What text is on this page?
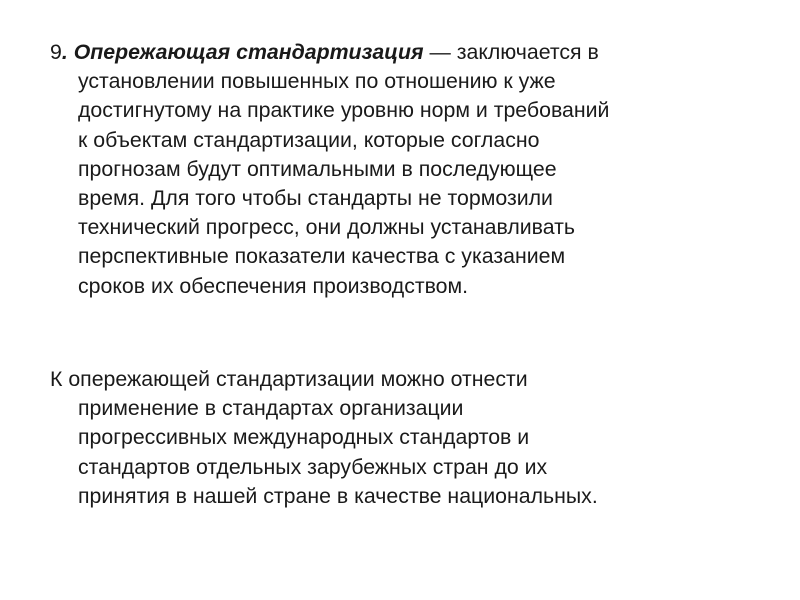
9. Опережающая стандартизация — заключается в
установлении повышенных по отношению к уже
достигнутому на практике уровню норм и требований
к объектам стандартизации, которые согласно
прогнозам будут оптимальными в последующее
время. Для того чтобы стандарты не тормозили
технический прогресс, они должны устанавливать
перспективные показатели качества с указанием
сроков их обеспечения производством.

К опережающей стандартизации можно отнести
применение в стандартах организации
прогрессивных международных стандартов и
стандартов отдельных зарубежных стран до их
принятия в нашей стране в качестве национальных.
